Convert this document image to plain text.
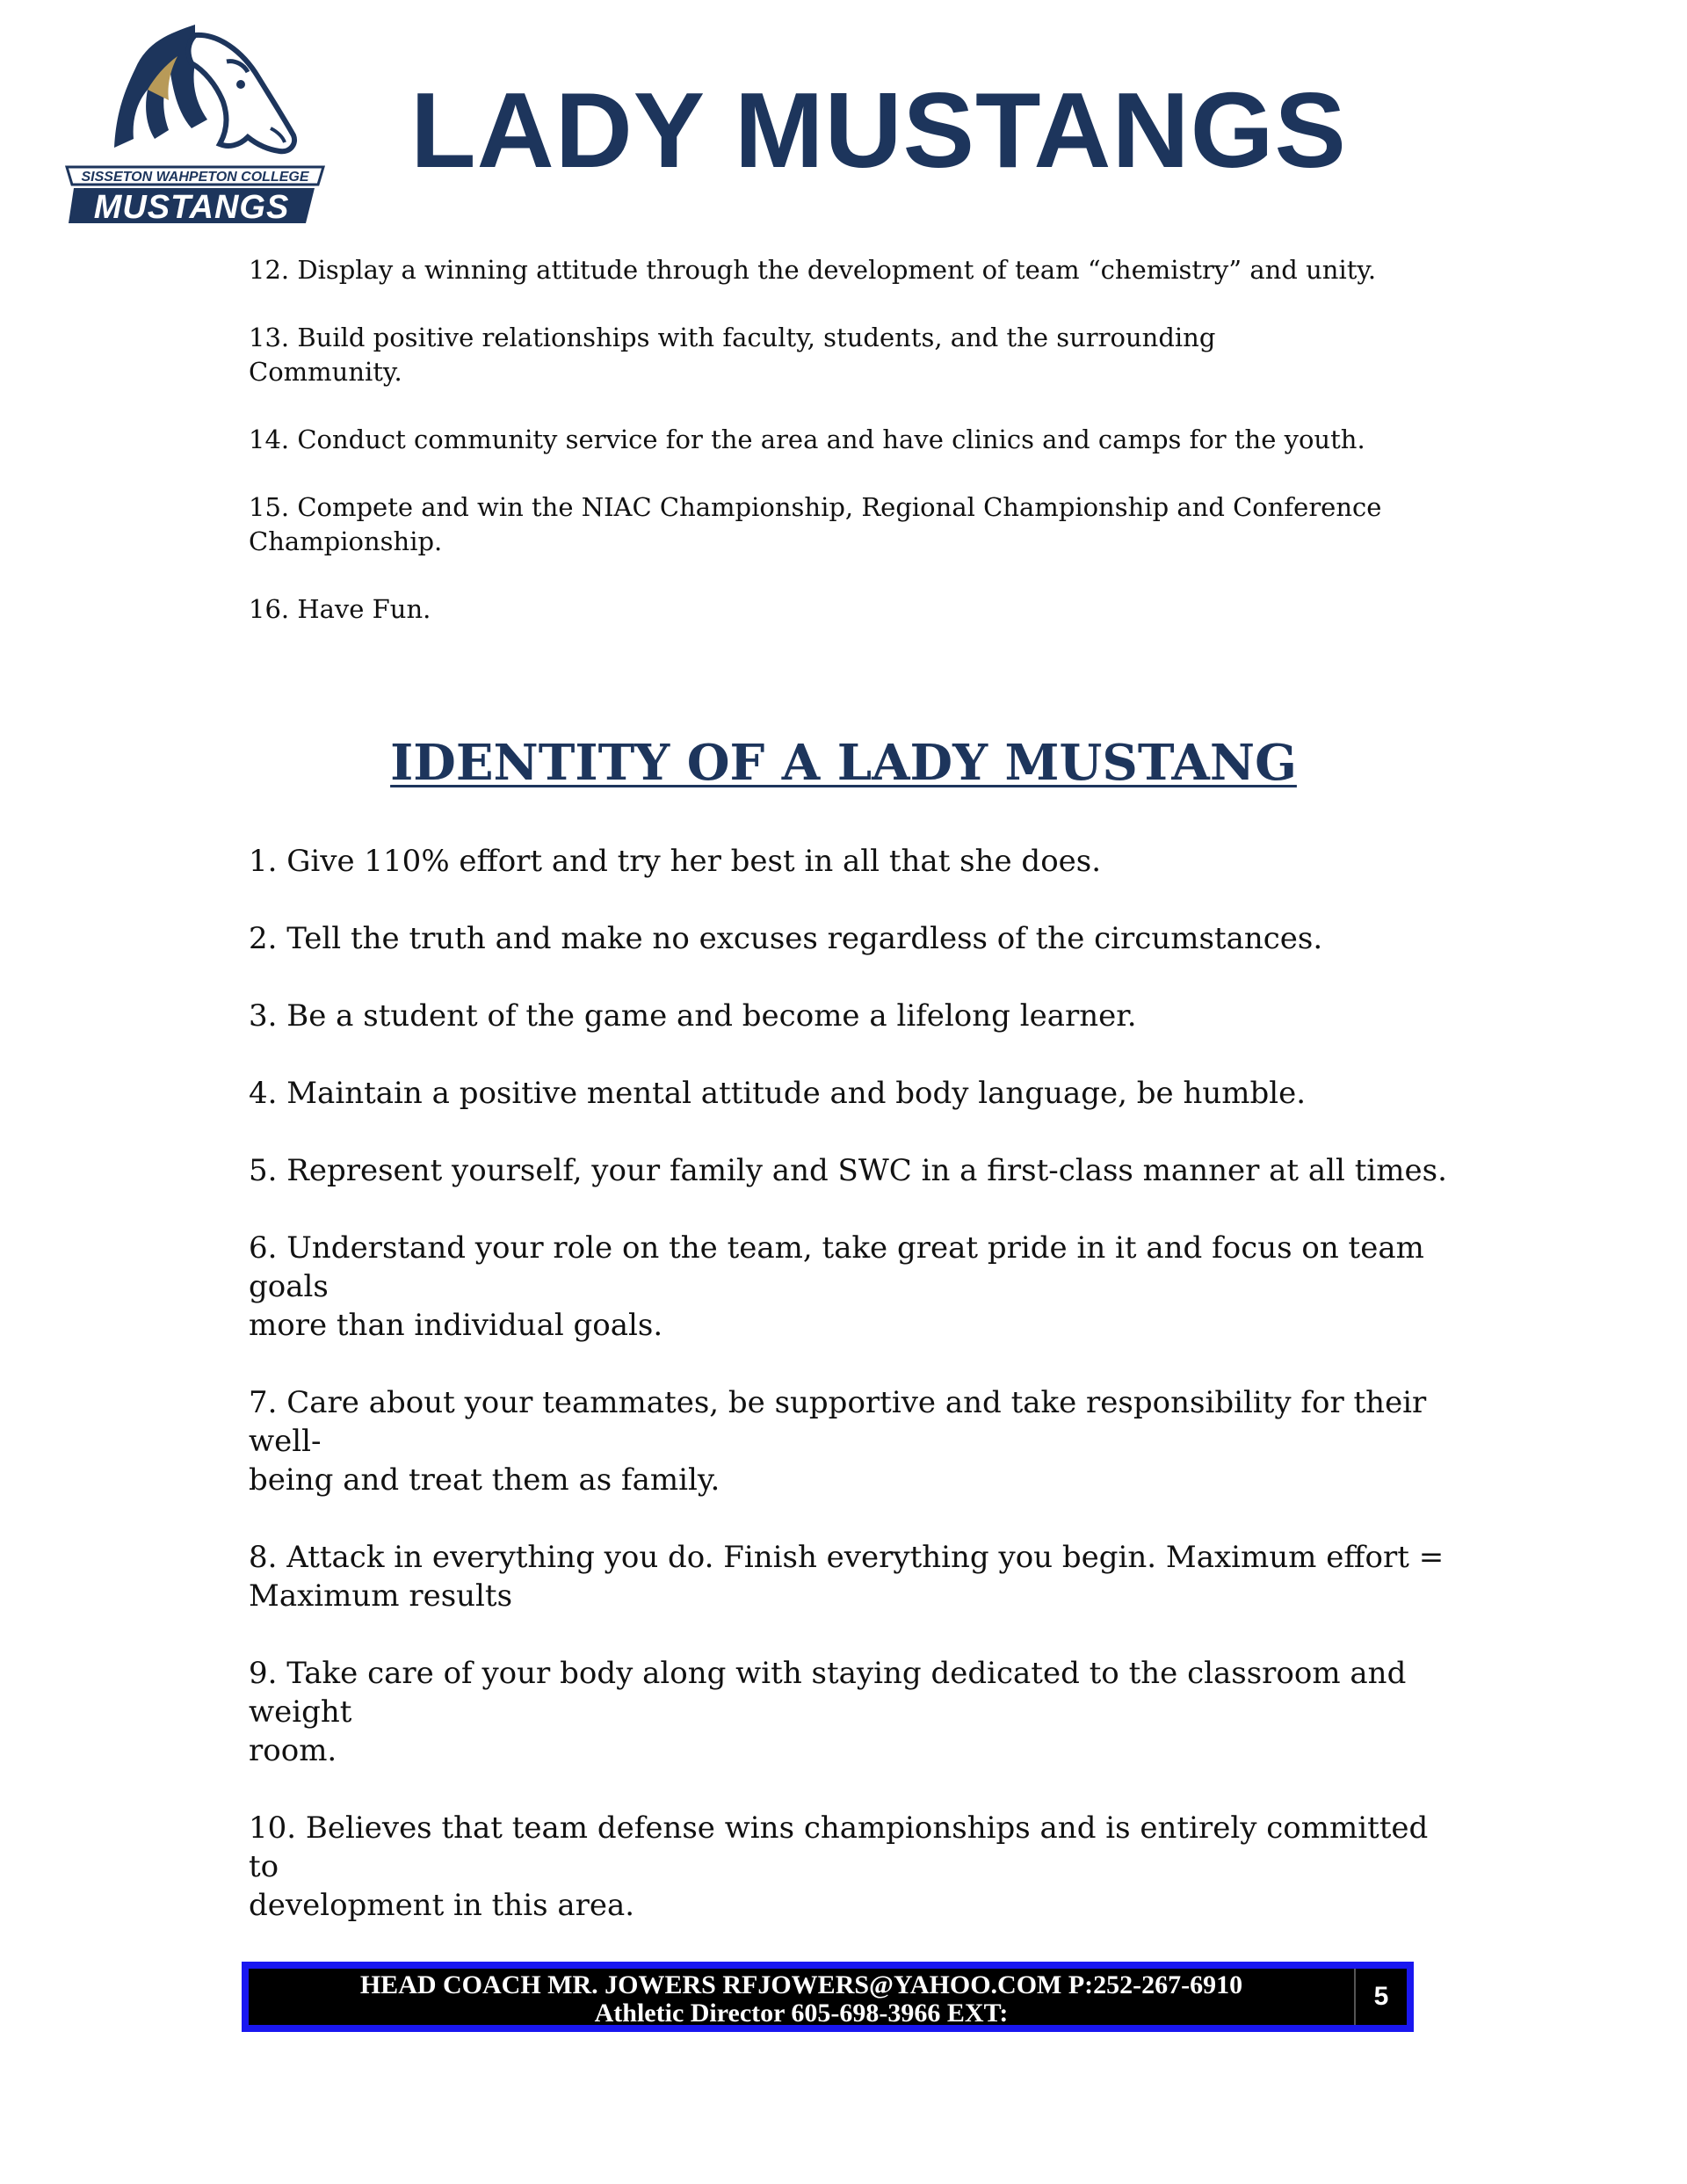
SISSETON WAHPETON COLLEGE
MUSTANGS
LADY MUSTANGS
12. Display a winning attitude through the development of team “chemistry” and unity.
13. Build positive relationships with faculty, students, and the surrounding
Community.
14. Conduct community service for the area and have clinics and camps for the youth.
15. Compete and win the NIAC Championship, Regional Championship and Conference
Championship.
16. Have Fun.
IDENTITY OF A LADY MUSTANG
1. Give 110% effort and try her best in all that she does.
2. Tell the truth and make no excuses regardless of the circumstances.
3. Be a student of the game and become a lifelong learner.
4. Maintain a positive mental attitude and body language, be humble.
5. Represent yourself, your family and SWC in a first-class manner at all times.
6. Understand your role on the team, take great pride in it and focus on team goals
more than individual goals.
7. Care about your teammates, be supportive and take responsibility for their well-
being and treat them as family.
8. Attack in everything you do. Finish everything you begin. Maximum effort =
Maximum results
9. Take care of your body along with staying dedicated to the classroom and weight
room.
10. Believes that team defense wins championships and is entirely committed to
development in this area.
HEAD COACH MR. JOWERS RFJOWERS@YAHOO.COM P:252-267-6910
Athletic Director 605-698-3966 EXT:
5
